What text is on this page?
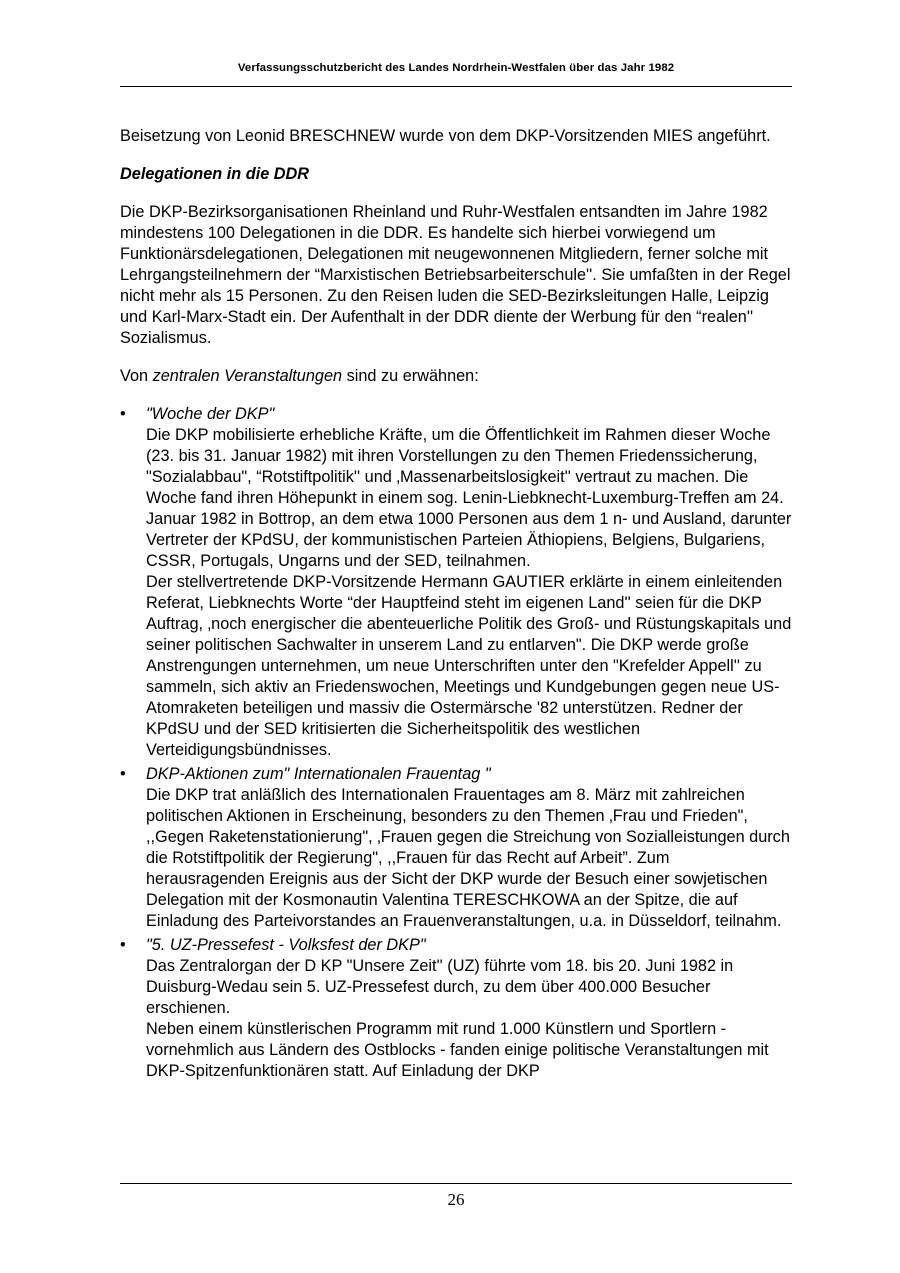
Verfassungsschutzbericht des Landes Nordrhein-Westfalen über das Jahr 1982

Beisetzung von Leonid BRESCHNEW wurde von dem DKP-Vorsitzenden MIES angeführt.

Delegationen in die DDR

Die DKP-Bezirksorganisationen Rheinland und Ruhr-Westfalen entsandten im Jahre 1982 mindestens 100 Delegationen in die DDR. Es handelte sich hierbei vorwiegend um Funktionärsdelegationen, Delegationen mit neugewonnenen Mitgliedern, ferner solche mit Lehrgangsteilnehmern der “Marxistischen Betriebsarbeiterschule''. Sie umfaßten in der Regel nicht mehr als 15 Personen. Zu den Reisen luden die SED-Bezirksleitungen Halle, Leipzig und Karl-Marx-Stadt ein. Der Aufenthalt in der DDR diente der Werbung für den “realen'' Sozialismus.

Von zentralen Veranstaltungen sind zu erwähnen:

• "Woche der DKP"

Die DKP mobilisierte erhebliche Kräfte, um die Öffentlichkeit im Rahmen dieser Woche (23. bis 31. Januar 1982) mit ihren Vorstellungen zu den Themen Friedenssicherung, "Sozialabbau", “Rotstiftpolitik'' und ‚Massenarbeitslosigkeit'' vertraut zu machen. Die Woche fand ihren Höhepunkt in einem sog. Lenin-Liebknecht-Luxemburg-Treffen am 24. Januar 1982 in Bottrop, an dem etwa 1000 Personen aus dem 1 n- und Ausland, darunter Vertreter der KPdSU, der kommunistischen Parteien Äthiopiens, Belgiens, Bulgariens, CSSR, Portugals, Ungarns und der SED, teilnahmen.

Der stellvertretende DKP-Vorsitzende Hermann GAUTIER erklärte in einem einleitenden Referat, Liebknechts Worte “der Hauptfeind steht im eigenen Land'' seien für die DKP Auftrag, ‚noch energischer die abenteuerliche Politik des Groß- und Rüstungskapitals und seiner politischen Sachwalter in unserem Land zu entlarven". Die DKP werde große Anstrengungen unternehmen, um neue Unterschriften unter den "Krefelder Appell'' zu sammeln, sich aktiv an Friedenswochen, Meetings und Kundgebungen gegen neue US-Atomraketen beteiligen und massiv die Ostermärsche '82 unterstützen. Redner der KPdSU und der SED kritisierten die Sicherheitspolitik des westlichen Verteidigungsbündnisses.

• DKP-Aktionen zum" Internationalen Frauentag "

Die DKP trat anläßlich des Internationalen Frauentages am 8. März mit zahlreichen politischen Aktionen in Erscheinung, besonders zu den Themen ‚Frau und Frieden", ,,Gegen Raketenstationierung", ‚Frauen gegen die Streichung von Sozialleistungen durch die Rotstiftpolitik der Regierung", ,,Frauen für das Recht auf Arbeit”. Zum herausragenden Ereignis aus der Sicht der DKP wurde der Besuch einer sowjetischen Delegation mit der Kosmonautin Valentina TERESCHKOWA an der Spitze, die auf Einladung des Parteivorstandes an Frauenveranstaltungen, u.a. in Düsseldorf, teilnahm.

• "5. UZ-Pressefest - Volksfest der DKP"

Das Zentralorgan der D KP "Unsere Zeit'' (UZ) führte vom 18. bis 20. Juni 1982 in Duisburg-Wedau sein 5. UZ-Pressefest durch, zu dem über 400.000 Besucher erschienen.

Neben einem künstlerischen Programm mit rund 1.000 Künstlern und Sportlern - vornehmlich aus Ländern des Ostblocks - fanden einige politische Veranstaltungen mit DKP-Spitzenfunktionären statt. Auf Einladung der DKP

26
